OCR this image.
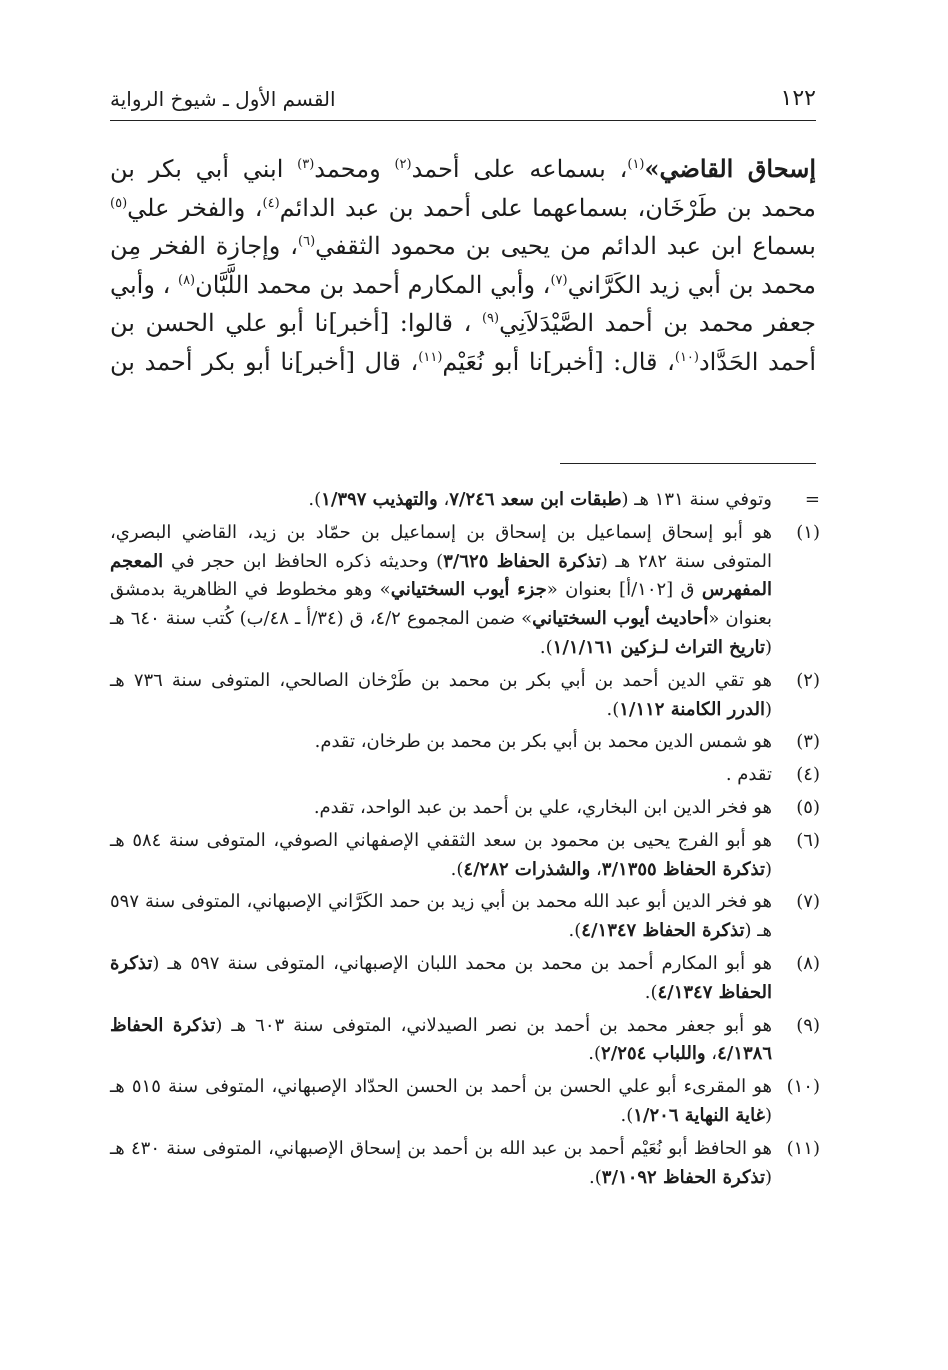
١٢٢
القسم الأول ـ شيوخ الرواية

إسحاق القاضي»$^{(١)}$، بسماعه على أحمد$^{(٢)}$ ومحمد$^{(٣)}$ ابني أبي بكر بن محمد بن طَرْخَان، بسماعهما على أحمد بن عبد الدائم$^{(٤)}$، والفخر علي$^{(٥)}$ بسماع ابن عبد الدائم من يحيى بن محمود الثقفي$^{(٦)}$، وإجازة الفخر مِن محمد بن أبي زيد الكَرَّاني$^{(٧)}$، وأبي المكارم أحمد بن محمد اللَّبَّان$^{(٨)}$ ، وأبي جعفر محمد بن أحمد الصَّيْدَلاَنِي$^{(٩)}$ ، قالوا: [أخبر]نا أبو علي الحسن بن أحمد الحَدَّاد$^{(١٠)}$، قال: [أخبر]نا أبو نُعَيْم$^{(١١)}$، قال [أخبر]نا أبو بكر أحمد بن

=
وتوفي سنة ١٣١ هـ (طبقات ابن سعد ٧/٢٤٦، والتهذيب ١/٣٩٧).
(١)
هو أبو إسحاق إسماعيل بن إسحاق بن إسماعيل بن حمّاد بن زيد، القاضي البصري، المتوفى سنة ٢٨٢ هـ (تذكرة الحفاظ ٣/٦٢٥) وحديثه ذكره الحافظ ابن حجر في المعجم المفهرس ق [١٠٢/أ] بعنوان «جزء أيوب السختياني» وهو مخطوط في الظاهرية بدمشق بعنوان «أحاديث أيوب السختياني» ضمن المجموع ٤/٢، ق (٣٤/أ ـ ٤٨/ب) كُتب سنة ٦٤٠ هـ (تاريخ التراث لـزكين ١/١/١٦١).
(٢)
هو تقي الدين أحمد بن أبي بكر بن محمد بن طَرْخان الصالحي، المتوفى سنة ٧٣٦ هـ (الدرر الكامنة ١/١١٢).
(٣)
هو شمس الدين محمد بن أبي بكر بن محمد بن طرخان، تقدم.
(٤)
تقدم .
(٥)
هو فخر الدين ابن البخاري، علي بن أحمد بن عبد الواحد، تقدم.
(٦)
هو أبو الفرج يحيى بن محمود بن سعد الثقفي الإصفهاني الصوفي، المتوفى سنة ٥٨٤ هـ (تذكرة الحفاظ ٣/١٣٥٥، والشذرات ٤/٢٨٢).
(٧)
هو فخر الدين أبو عبد الله محمد بن أبي زيد بن حمد الكَرَّاني الإصبهاني، المتوفى سنة ٥٩٧ هـ (تذكرة الحفاظ ٤/١٣٤٧).
(٨)
هو أبو المكارم أحمد بن محمد بن محمد اللبان الإصبهاني، المتوفى سنة ٥٩٧ هـ (تذكرة الحفاظ ٤/١٣٤٧).
(٩)
هو أبو جعفر محمد بن أحمد بن نصر الصيدلاني، المتوفى سنة ٦٠٣ هـ (تذكرة الحفاظ ٤/١٣٨٦، واللباب ٢/٢٥٤).
(١٠)
هو المقرىء أبو علي الحسن بن أحمد بن الحسن الحدّاد الإصبهاني، المتوفى سنة ٥١٥ هـ (غاية النهاية ١/٢٠٦).
(١١)
هو الحافظ أبو نُعَيْم أحمد بن عبد الله بن أحمد بن إسحاق الإصبهاني، المتوفى سنة ٤٣٠ هـ (تذكرة الحفاظ ٣/١٠٩٢).
